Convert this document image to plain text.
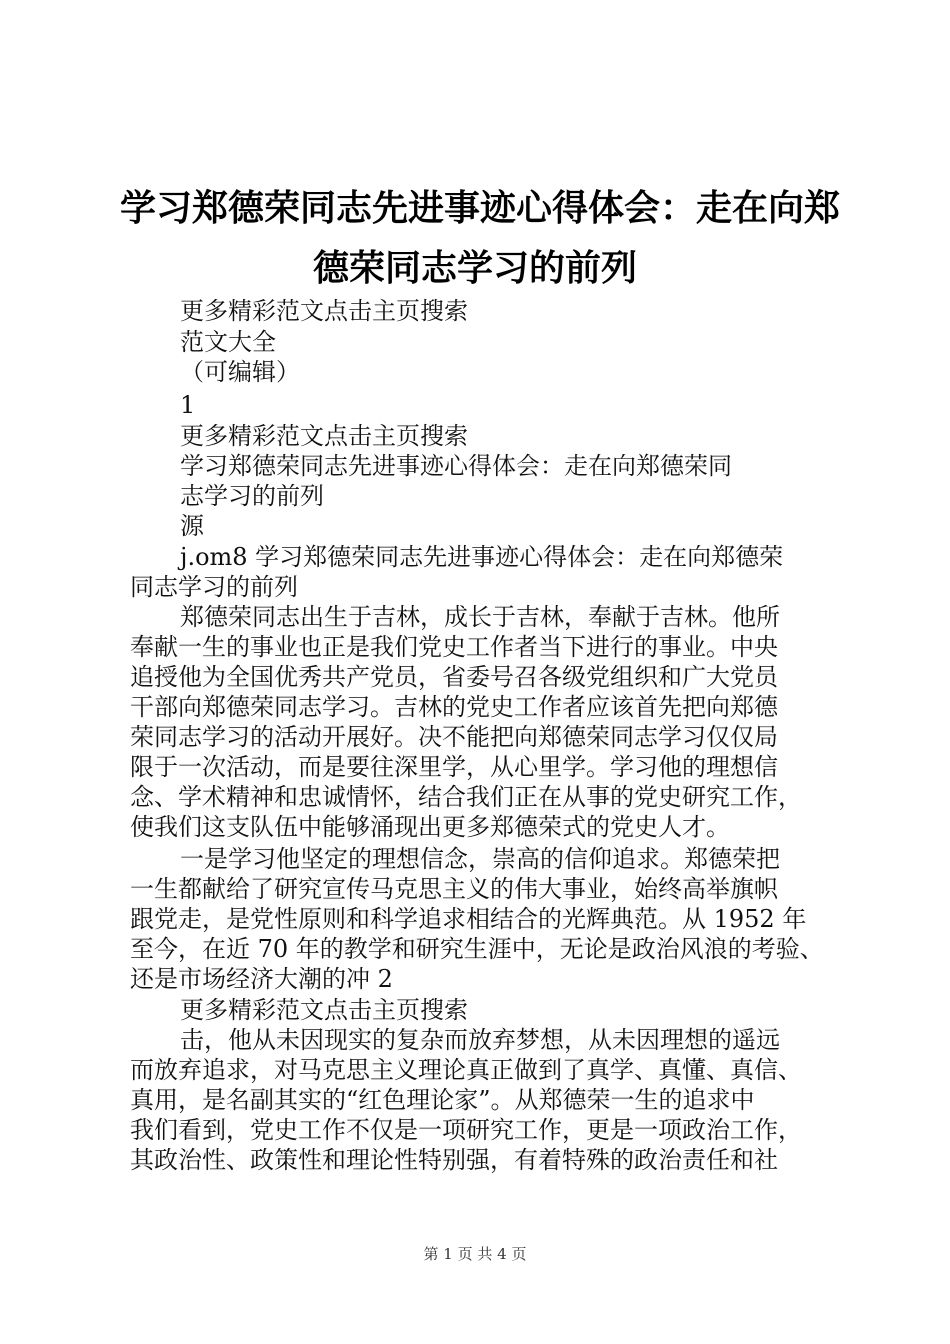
学习郑德荣同志先进事迹心得体会：走在向郑
德荣同志学习的前列
更多精彩范文点击主页搜索
范文大全
（可编辑）
1
更多精彩范文点击主页搜索
学习郑德荣同志先进事迹心得体会：走在向郑德荣同
志学习的前列
源
j.om8 学习郑德荣同志先进事迹心得体会：走在向郑德荣
同志学习的前列
郑德荣同志出生于吉林，成长于吉林，奉献于吉林。他所
奉献一生的事业也正是我们党史工作者当下进行的事业。中央
追授他为全国优秀共产党员，省委号召各级党组织和广大党员
干部向郑德荣同志学习。吉林的党史工作者应该首先把向郑德
荣同志学习的活动开展好。决不能把向郑德荣同志学习仅仅局
限于一次活动，而是要往深里学，从心里学。学习他的理想信
念、学术精神和忠诚情怀，结合我们正在从事的党史研究工作，
使我们这支队伍中能够涌现出更多郑德荣式的党史人才。
一是学习他坚定的理想信念，崇高的信仰追求。郑德荣把
一生都献给了研究宣传马克思主义的伟大事业，始终高举旗帜
跟党走，是党性原则和科学追求相结合的光辉典范。从 1952 年
至今，在近 70 年的教学和研究生涯中，无论是政治风浪的考验、
还是市场经济大潮的冲 2
更多精彩范文点击主页搜索
击，他从未因现实的复杂而放弃梦想，从未因理想的遥远
而放弃追求，对马克思主义理论真正做到了真学、真懂、真信、
真用，是名副其实的“红色理论家”。从郑德荣一生的追求中
我们看到，党史工作不仅是一项研究工作，更是一项政治工作，
其政治性、政策性和理论性特别强，有着特殊的政治责任和社
第 1 页 共 4 页
